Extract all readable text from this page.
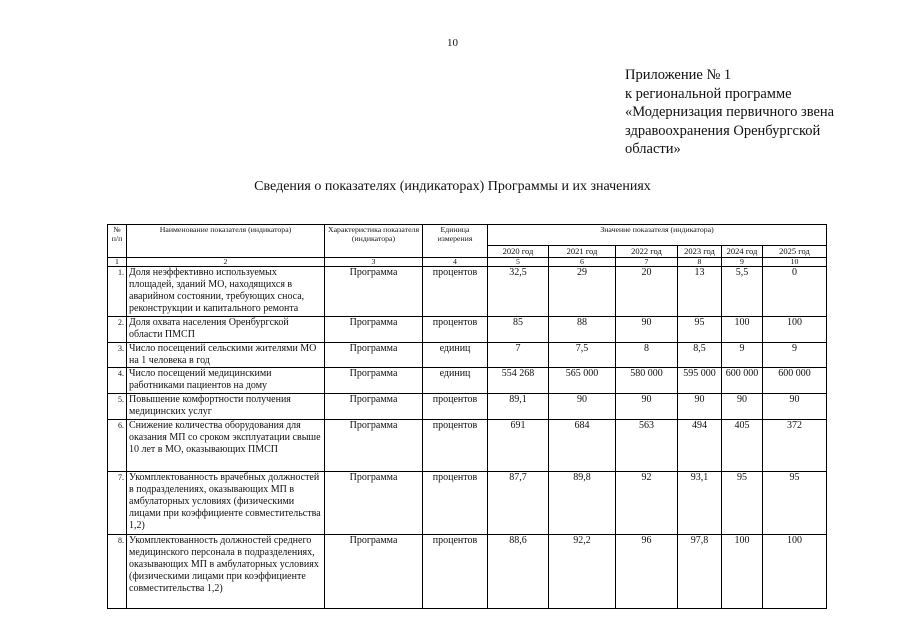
10
Приложение № 1
к региональной программе
«Модернизация первичного звена
здравоохранения Оренбургской
области»
Сведения о показателях (индикаторах) Программы и их значениях
№ п/п	Наименование показателя (индикатора)	Характеристика показателя (индикатора)	Единица измерения	Значение показателя (индикатора)					
				2020 год	2021 год	2022 год	2023 год	2024 год	2025 год
1	2	3	4	5	6	7	8	9	10
1.	Доля неэффективно используемых площадей, зданий МО, находящихся в аварийном состоянии, требующих сноса, реконструкции и капитального ремонта	Программа	процентов	32,5	29	20	13	5,5	0
2.	Доля охвата населения Оренбургской области ПМСП	Программа	процентов	85	88	90	95	100	100
3.	Число посещений сельскими жителями МО на 1 человека в год	Программа	единиц	7	7,5	8	8,5	9	9
4.	Число посещений медицинскими работниками пациентов на дому	Программа	единиц	554 268	565 000	580 000	595 000	600 000	600 000
5.	Повышение комфортности получения медицинских услуг	Программа	процентов	89,1	90	90	90	90	90
6.	Снижение количества оборудования для оказания МП со сроком эксплуатации свыше 10 лет в МО, оказывающих ПМСП	Программа	процентов	691	684	563	494	405	372
7.	Укомплектованность врачебных должностей в подразделениях, оказывающих МП в амбулаторных условиях (физическими лицами при коэффициенте совместительства 1,2)	Программа	процентов	87,7	89,8	92	93,1	95	95
8.	Укомплектованность должностей среднего медицинского персонала в подразделениях, оказывающих МП в амбулаторных условиях (физическими лицами при коэффициенте совместительства 1,2)	Программа	процентов	88,6	92,2	96	97,8	100	100
